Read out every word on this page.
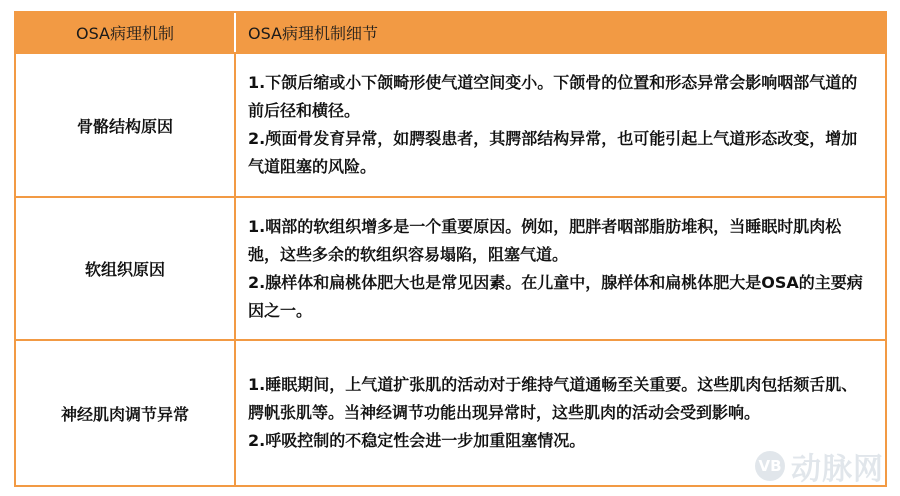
OSA病理机制	OSA病理机制细节
骨骼结构原因

1.下颌后缩或小下颌畸形使气道空间变小。下颌骨的位置和形态异常会影响咽部气道的前后径和横径。

2.颅面骨发育异常，如腭裂患者，其腭部结构异常，也可能引起上气道形态改变，增加气道阻塞的风险。

软组织原因

1.咽部的软组织增多是一个重要原因。例如，肥胖者咽部脂肪堆积，当睡眠时肌肉松弛，这些多余的软组织容易塌陷，阻塞气道。

2.腺样体和扁桃体肥大也是常见因素。在儿童中，腺样体和扁桃体肥大是OSA的主要病因之一。

神经肌肉调节异常

1.睡眠期间，上气道扩张肌的活动对于维持气道通畅至关重要。这些肌肉包括颏舌肌、腭帆张肌等。当神经调节功能出现异常时，这些肌肉的活动会受到影响。

2.呼吸控制的不稳定性会进一步加重阻塞情况。

VB 动脉网
